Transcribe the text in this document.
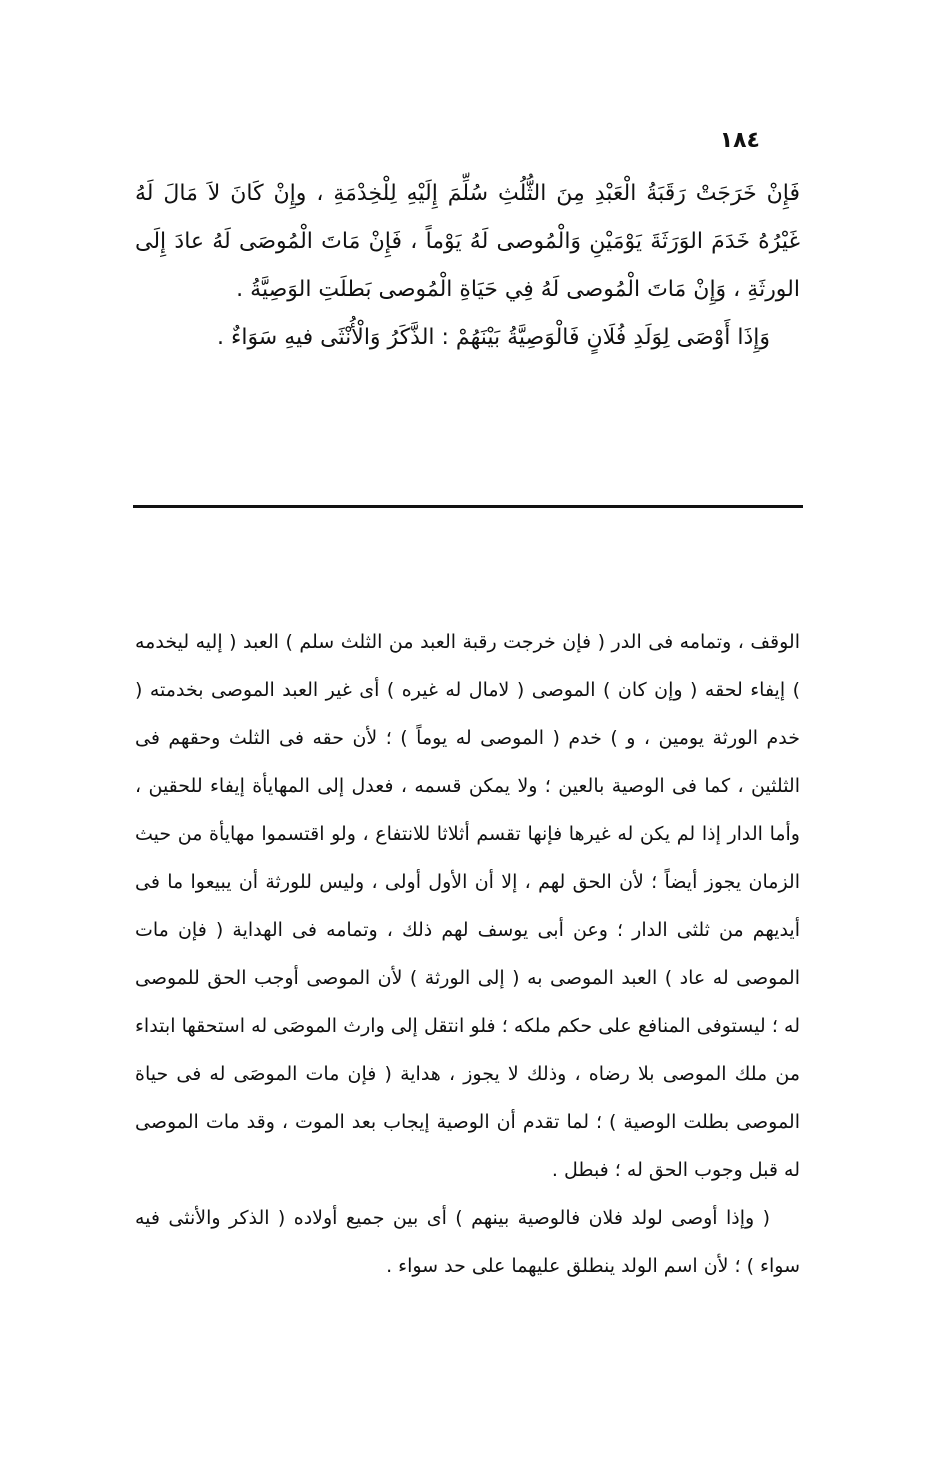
١٨٤

فَإِنْ خَرَجَتْ رَقَبَةُ الْعَبْدِ مِنَ الثُّلُثِ سُلِّمَ إِلَيْهِ لِلْخِدْمَةِ ، وإِنْ كَانَ لاَ مَالَ لَهُ غَيْرُهُ خَدَمَ الوَرَثَةَ يَوْمَيْنِ وَالْمُوصى لَهُ يَوْماً ، فَإِنْ مَاتَ الْمُوصَى لَهُ عادَ إِلَى الورثَةِ ، وَإِنْ مَاتَ الْمُوصى لَهُ فِي حَيَاةِ الْمُوصى بَطلَتِ الوَصِيَّةُ .

وَإِذَا أَوْصَى لِوَلَدِ فُلَانٍ فَالْوَصِيَّةُ بَيْنَهُمْ : الذَّكَرُ وَالْأُنْثَى فيهِ سَوَاءٌ .

الوقف ، وتمامه فى الدر ( فإن خرجت رقبة العبد من الثلث سلم ) العبد ( إليه ليخدمه ) إيفاء لحقه ( وإن كان ) الموصى ( لامال له غيره ) أى غير العبد الموصى بخدمته ( خدم الورثة يومين ، و ) خدم ( الموصى له يوماً ) ؛ لأن حقه فى الثلث وحقهم فى الثلثين ، كما فى الوصية بالعين ؛ ولا يمكن قسمه ، فعدل إلى المهايأة إيفاء للحقين ، وأما الدار إذا لم يكن له غيرها فإنها تقسم أثلاثا للانتفاع ، ولو اقتسموا مهايأة من حيث الزمان يجوز أيضاً ؛ لأن الحق لهم ، إلا أن الأول أولى ، وليس للورثة أن يبيعوا ما فى أيديهم من ثلثى الدار ؛ وعن أبى يوسف لهم ذلك ، وتمامه فى الهداية ( فإن مات الموصى له عاد ) العبد الموصى به ( إلى الورثة ) لأن الموصى أوجب الحق للموصى له ؛ ليستوفى المنافع على حكم ملكه ؛ فلو انتقل إلى وارث الموصَى له استحقها ابتداء من ملك الموصى بلا رضاه ، وذلك لا يجوز ، هداية ( فإن مات الموصَى له فى حياة الموصى بطلت الوصية ) ؛ لما تقدم أن الوصية إيجاب بعد الموت ، وقد مات الموصى له قبل وجوب الحق له ؛ فبطل .

( وإذا أوصى لولد فلان فالوصية بينهم ) أى بين جميع أولاده ( الذكر والأنثى فيه سواء ) ؛ لأن اسم الولد ينطلق عليهما على حد سواء .
